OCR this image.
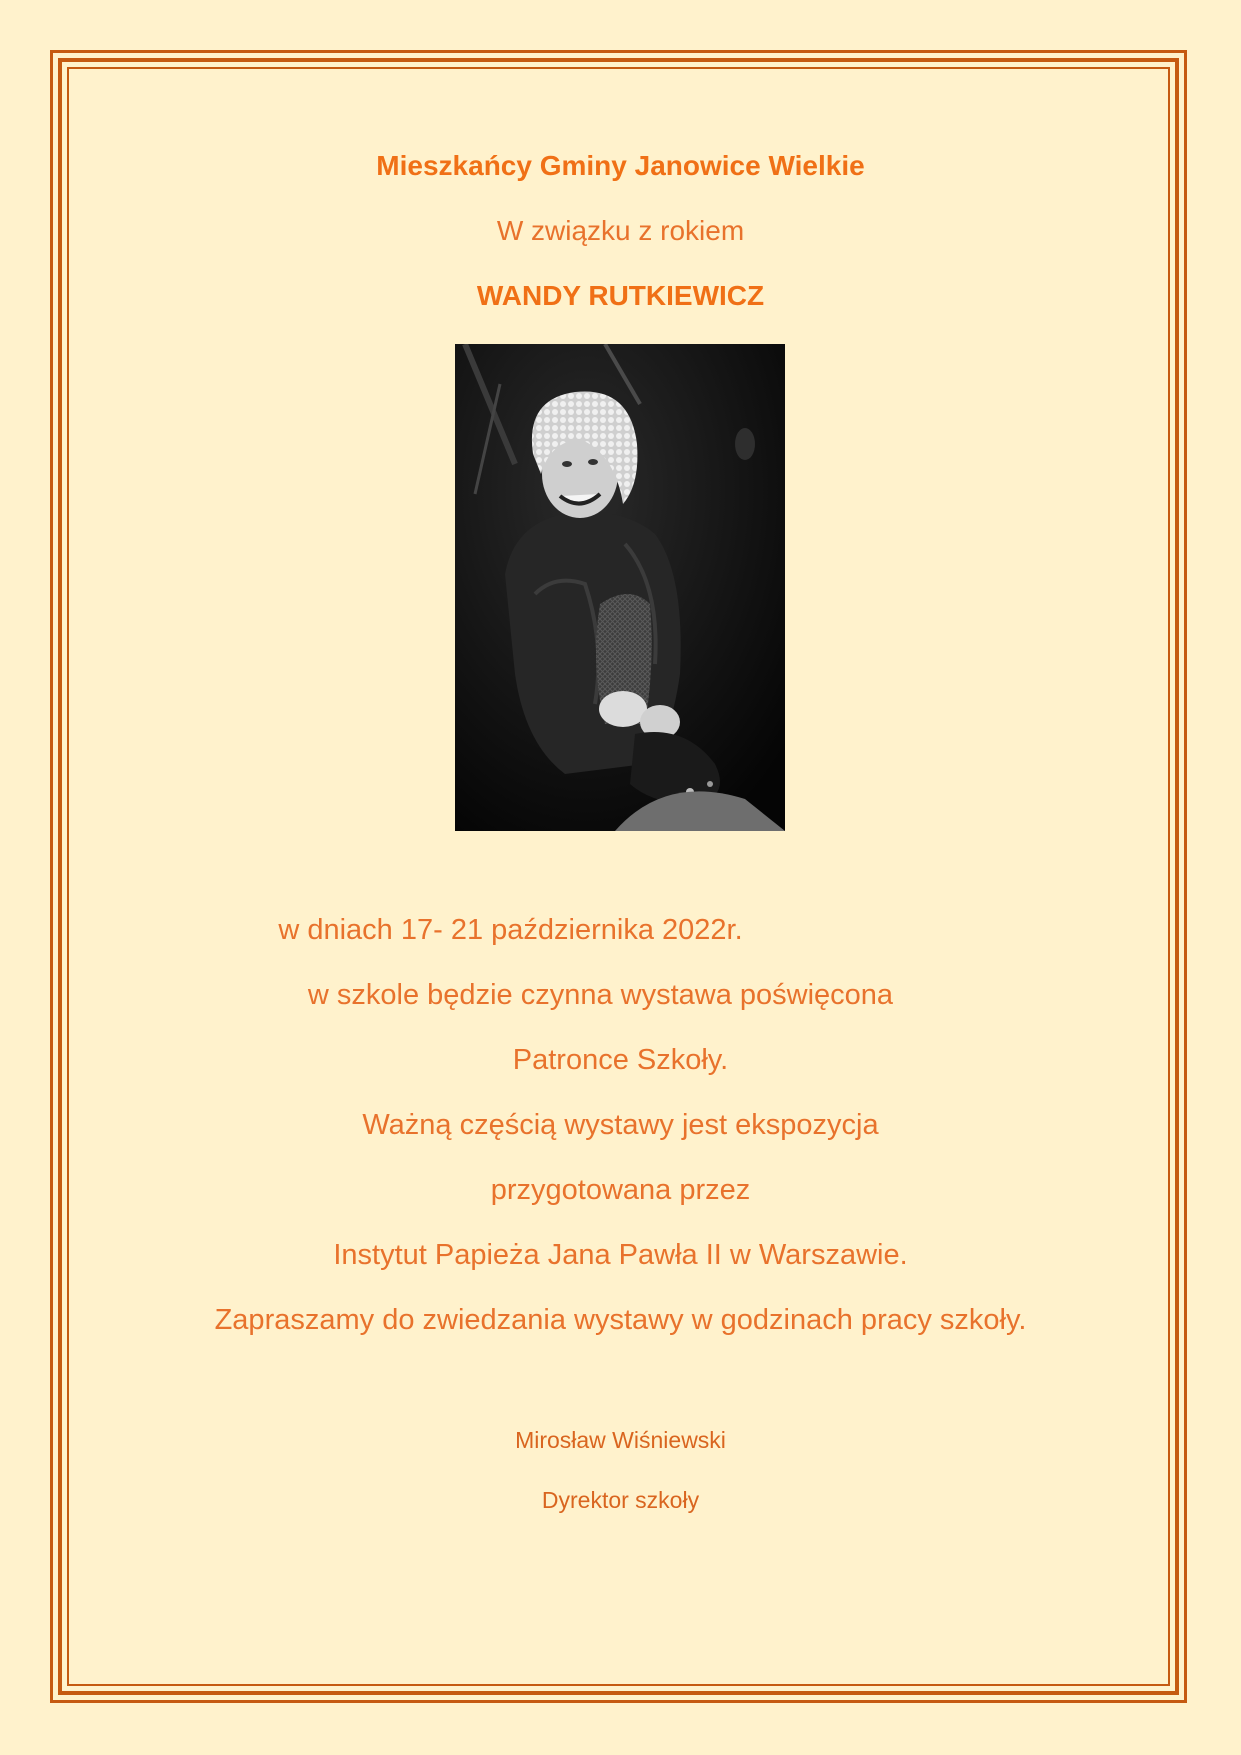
Mieszkańcy Gminy Janowice Wielkie
W związku z rokiem
WANDY RUTKIEWICZ
w dniach 17- 21 października 2022r.
w szkole będzie czynna wystawa poświęcona
Patronce Szkoły.
Ważną częścią wystawy jest ekspozycja
przygotowana przez
Instytut Papieża Jana Pawła II w Warszawie.
Zapraszamy do zwiedzania wystawy w godzinach pracy szkoły.
Mirosław Wiśniewski
Dyrektor szkoły
